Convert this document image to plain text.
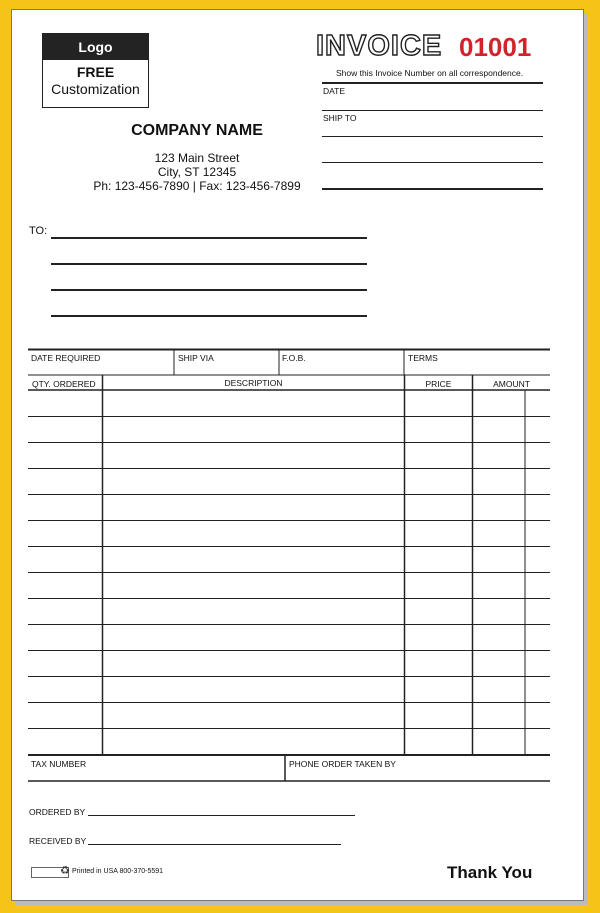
Logo
FREE
Customization
COMPANY NAME
123 Main Street
City, ST 12345
Ph: 123-456-7890 | Fax: 123-456-7899
INVOICE 01001
Show this Invoice Number on all correspondence.
DATE
SHIP TO
TO:
DATE REQUIRED	SHIP VIA	F.O.B.	TERMS
QTY. ORDERED	DESCRIPTION	PRICE	AMOUNT
TAX NUMBER	PHONE ORDER TAKEN BY
ORDERED BY
RECEIVED BY
♻ Printed in USA 800-370-5591	Thank You
